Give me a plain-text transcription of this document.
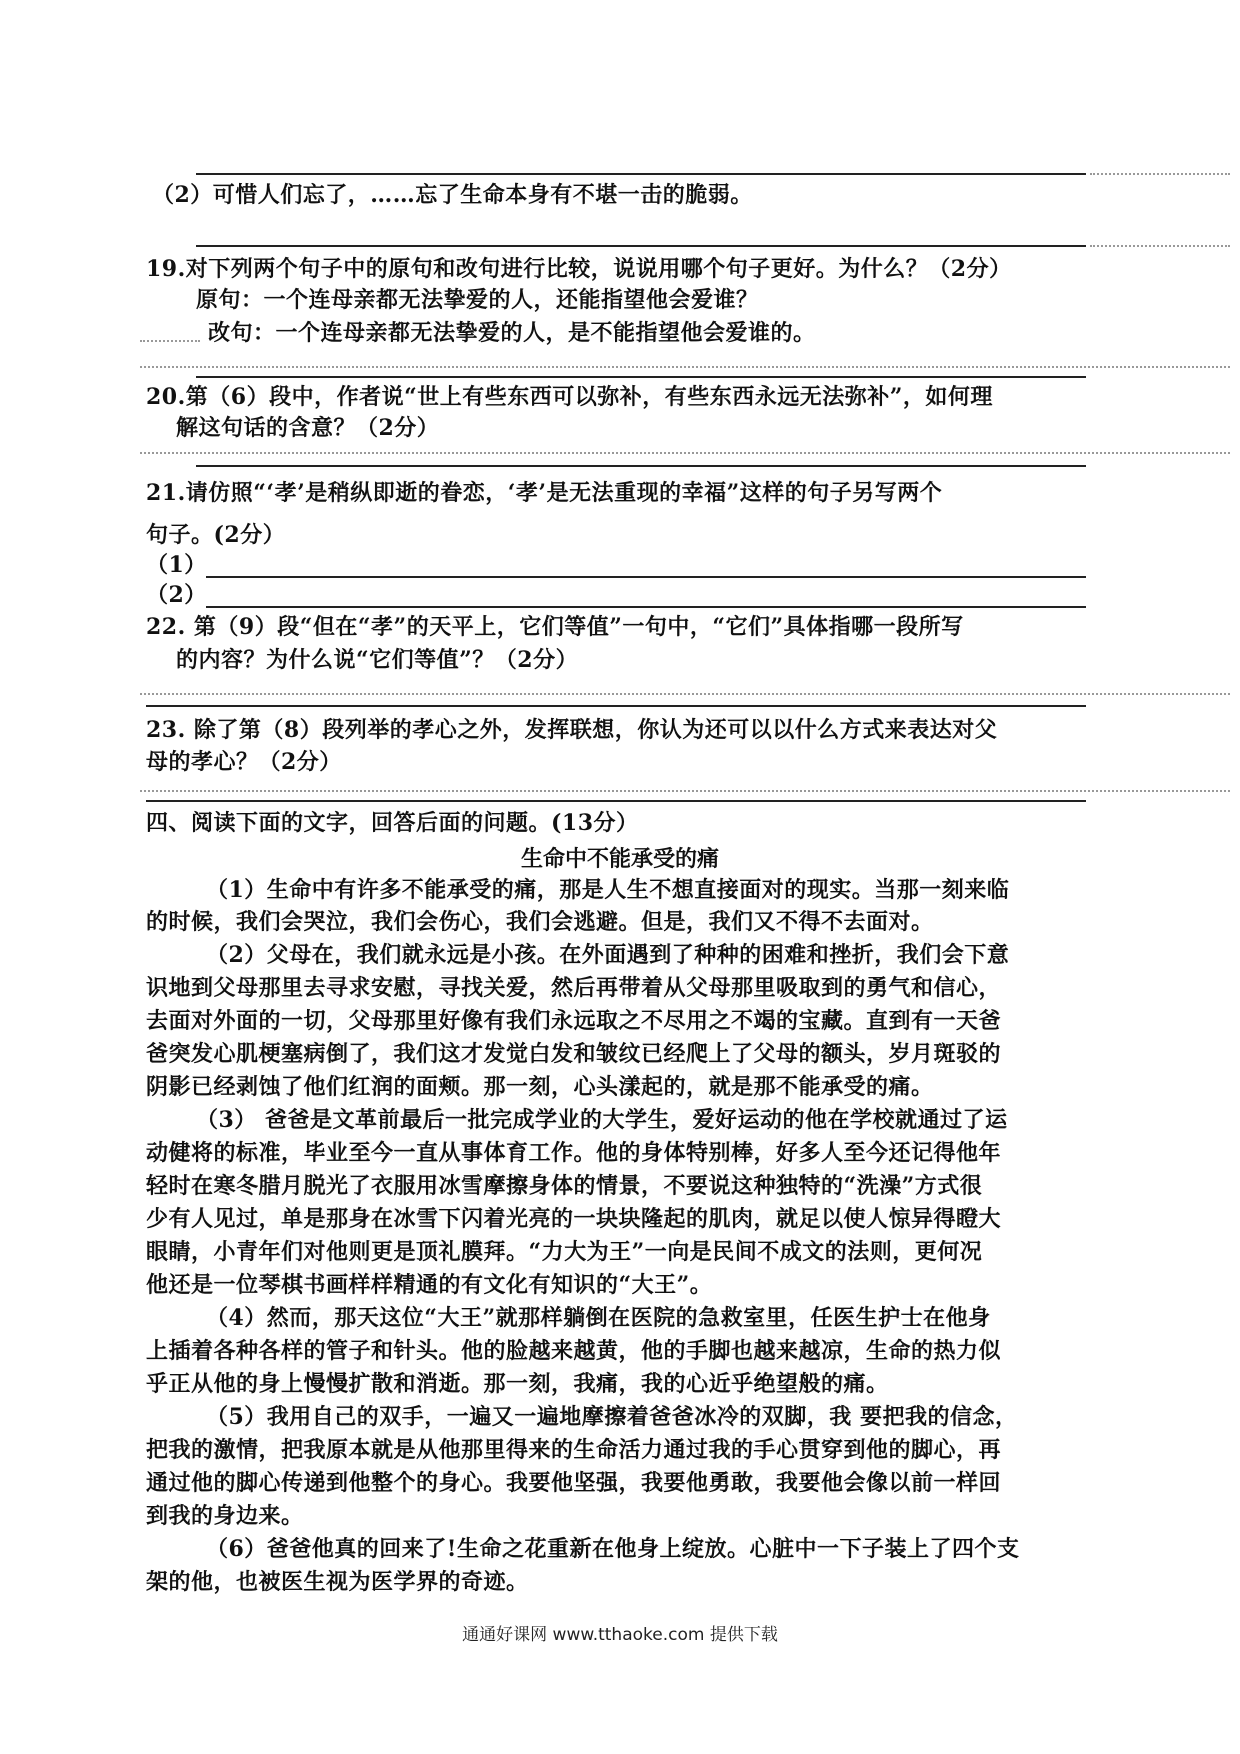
（2）可惜人们忘了，……忘了生命本身有不堪一击的脆弱。
19.对下列两个句子中的原句和改句进行比较，说说用哪个句子更好。为什么？（2分）
原句：一个连母亲都无法挚爱的人，还能指望他会爱谁？
改句：一个连母亲都无法挚爱的人，是不能指望他会爱谁的。
20.第（6）段中，作者说“世上有些东西可以弥补，有些东西永远无法弥补”，如何理
解这句话的含意？（2分）
21.请仿照“‘孝’是稍纵即逝的眷恋，‘孝’是无法重现的幸福”这样的句子另写两个
句子。(2分）
（1）
（2）
22. 第（9）段“但在“孝”的天平上，它们等值”一句中，“它们”具体指哪一段所写
的内容？为什么说“它们等值”？（2分）
23. 除了第（8）段列举的孝心之外，发挥联想，你认为还可以以什么方式来表达对父
母的孝心？（2分）
四、阅读下面的文字，回答后面的问题。(13分）
生命中不能承受的痛
（1）生命中有许多不能承受的痛，那是人生不想直接面对的现实。当那一刻来临
的时候，我们会哭泣，我们会伤心，我们会逃避。但是，我们又不得不去面对。
（2）父母在，我们就永远是小孩。在外面遇到了种种的困难和挫折，我们会下意
识地到父母那里去寻求安慰，寻找关爱，然后再带着从父母那里吸取到的勇气和信心，
去面对外面的一切，父母那里好像有我们永远取之不尽用之不竭的宝藏。直到有一天爸
爸突发心肌梗塞病倒了，我们这才发觉白发和皱纹已经爬上了父母的额头，岁月斑驳的
阴影已经剥蚀了他们红润的面颊。那一刻，心头漾起的，就是那不能承受的痛。
（3） 爸爸是文革前最后一批完成学业的大学生，爱好运动的他在学校就通过了运
动健将的标准，毕业至今一直从事体育工作。他的身体特别棒，好多人至今还记得他年
轻时在寒冬腊月脱光了衣服用冰雪摩擦身体的情景，不要说这种独特的“洗澡”方式很
少有人见过，单是那身在冰雪下闪着光亮的一块块隆起的肌肉，就足以使人惊异得瞪大
眼睛，小青年们对他则更是顶礼膜拜。“力大为王”一向是民间不成文的法则，更何况
他还是一位琴棋书画样样精通的有文化有知识的“大王”。
（4）然而，那天这位“大王”就那样躺倒在医院的急救室里，任医生护士在他身
上插着各种各样的管子和针头。他的脸越来越黄，他的手脚也越来越凉，生命的热力似
乎正从他的身上慢慢扩散和消逝。那一刻，我痛，我的心近乎绝望般的痛。
（5）我用自己的双手，一遍又一遍地摩擦着爸爸冰冷的双脚，我 要把我的信念，
把我的激情，把我原本就是从他那里得来的生命活力通过我的手心贯穿到他的脚心，再
通过他的脚心传递到他整个的身心。我要他坚强，我要他勇敢，我要他会像以前一样回
到我的身边来。
（6）爸爸他真的回来了!生命之花重新在他身上绽放。心脏中一下子装上了四个支
架的他，也被医生视为医学界的奇迹。
通通好课网 www.tthaoke.com 提供下载
